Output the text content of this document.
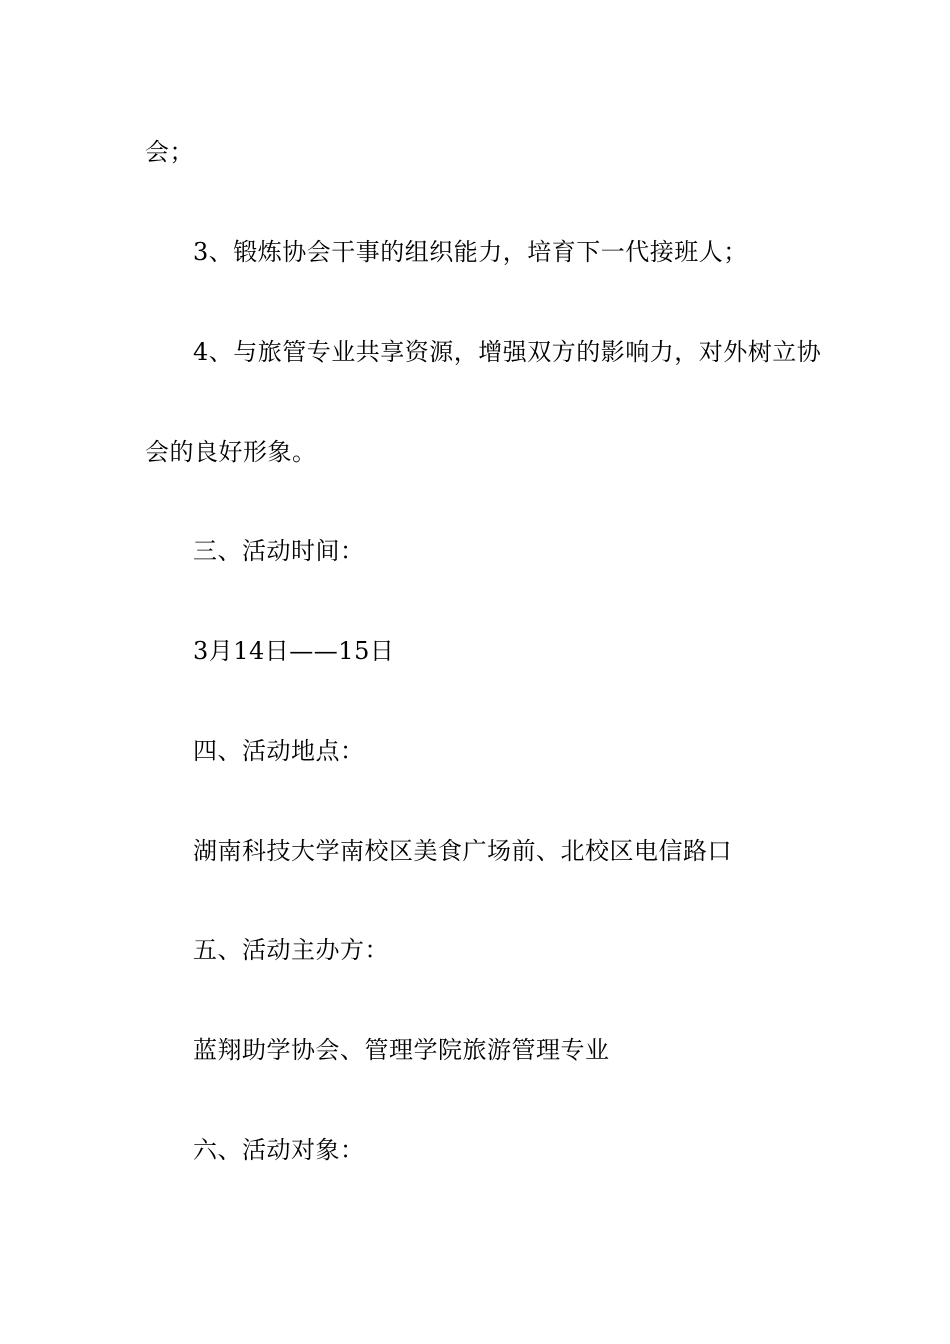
会；
3、锻炼协会干事的组织能力，培育下一代接班人；
4、与旅管专业共享资源，增强双方的影响力，对外树立协
会的良好形象。
三、活动时间：
3月14日——15日
四、活动地点：
湖南科技大学南校区美食广场前、北校区电信路口
五、活动主办方：
蓝翔助学协会、管理学院旅游管理专业
六、活动对象：
